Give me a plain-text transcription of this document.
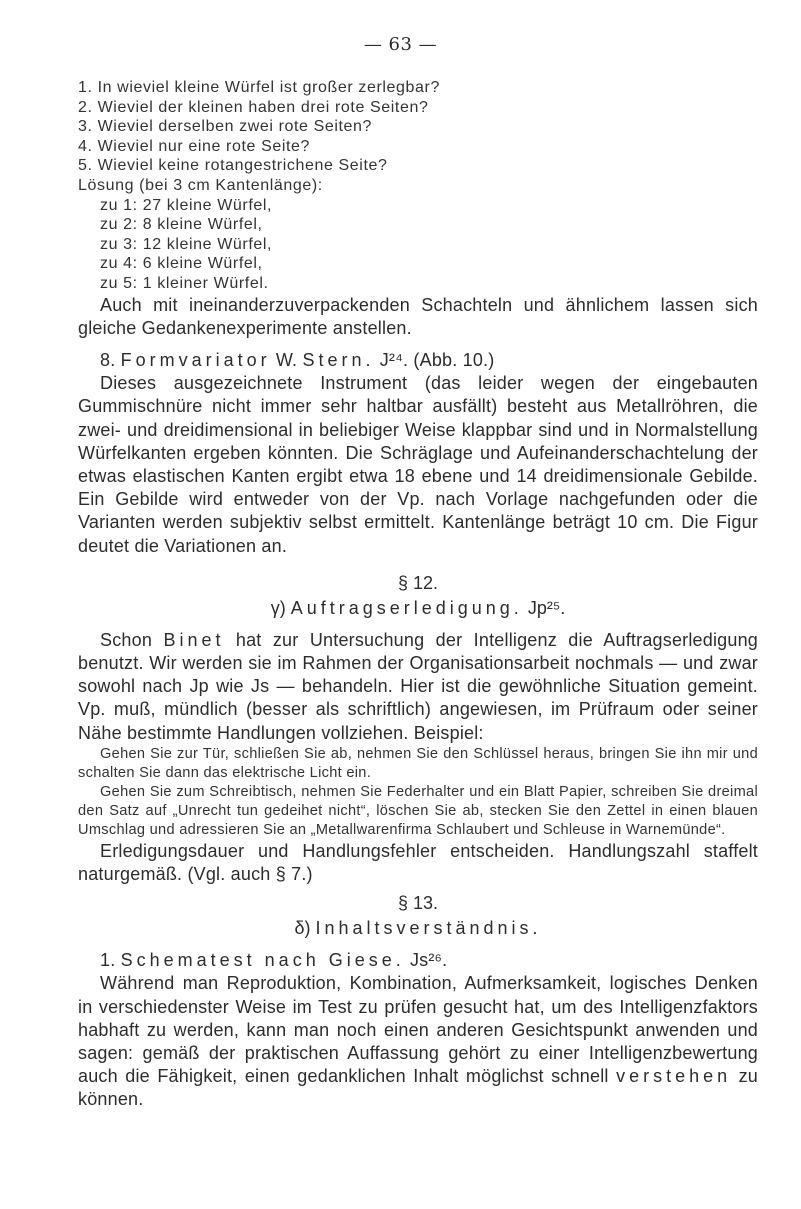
— 63 —
1. In wieviel kleine Würfel ist großer zerlegbar?
2. Wieviel der kleinen haben drei rote Seiten?
3. Wieviel derselben zwei rote Seiten?
4. Wieviel nur eine rote Seite?
5. Wieviel keine rotangestrichene Seite?
Lösung (bei 3 cm Kantenlänge):
zu 1: 27 kleine Würfel,
zu 2: 8 kleine Würfel,
zu 3: 12 kleine Würfel,
zu 4: 6 kleine Würfel,
zu 5: 1 kleiner Würfel.
Auch mit ineinanderzuverpackenden Schachteln und ähnlichem lassen sich gleiche Gedankenexperimente anstellen.
8. Formvariator W. Stern. J²⁴. (Abb. 10.)
Dieses ausgezeichnete Instrument (das leider wegen der eingebauten Gummischnüre nicht immer sehr haltbar ausfällt) besteht aus Metallröhren, die zwei- und dreidimensional in beliebiger Weise klappbar sind und in Normalstellung Würfelkanten ergeben könnten. Die Schräglage und Aufeinanderschachtelung der etwas elastischen Kanten ergibt etwa 18 ebene und 14 dreidimensionale Gebilde. Ein Gebilde wird entweder von der Vp. nach Vorlage nachgefunden oder die Varianten werden subjektiv selbst ermittelt. Kantenlänge beträgt 10 cm. Die Figur deutet die Variationen an.
§ 12.
γ) Auftragserledigung. Jp²⁵.
Schon Binet hat zur Untersuchung der Intelligenz die Auftragserledigung benutzt. Wir werden sie im Rahmen der Organisationsarbeit nochmals — und zwar sowohl nach Jp wie Js — behandeln. Hier ist die gewöhnliche Situation gemeint. Vp. muß, mündlich (besser als schriftlich) angewiesen, im Prüfraum oder seiner Nähe bestimmte Handlungen vollziehen. Beispiel:
Gehen Sie zur Tür, schließen Sie ab, nehmen Sie den Schlüssel heraus, bringen Sie ihn mir und schalten Sie dann das elektrische Licht ein.
Gehen Sie zum Schreibtisch, nehmen Sie Federhalter und ein Blatt Papier, schreiben Sie dreimal den Satz auf „Unrecht tun gedeihet nicht“, löschen Sie ab, stecken Sie den Zettel in einen blauen Umschlag und adressieren Sie an „Metallwarenfirma Schlaubert und Schleuse in Warnemünde“.
Erledigungsdauer und Handlungsfehler entscheiden. Handlungszahl staffelt naturgemäß. (Vgl. auch § 7.)
§ 13.
δ) Inhaltsverständnis.
1. Schematest nach Giese. Js²⁶.
Während man Reproduktion, Kombination, Aufmerksamkeit, logisches Denken in verschiedenster Weise im Test zu prüfen gesucht hat, um des Intelligenzfaktors habhaft zu werden, kann man noch einen anderen Gesichtspunkt anwenden und sagen: gemäß der praktischen Auffassung gehört zu einer Intelligenzbewertung auch die Fähigkeit, einen gedanklichen Inhalt möglichst schnell verstehen zu können.
